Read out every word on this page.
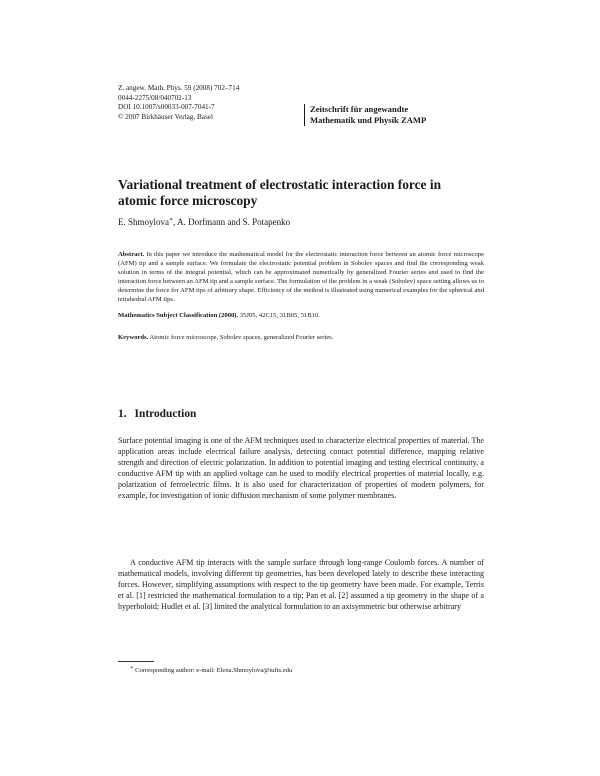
Z. angew. Math. Phys. 59 (2008) 702–714
0044-2275/08/040702-13
DOI 10.1007/s00033-007-7041-7
© 2007 Birkhäuser Verlag, Basel
Zeitschrift für angewandte
Mathematik und Physik ZAMP
Variational treatment of electrostatic interaction force in atomic force microscopy
E. Shmoylova∗, A. Dorfmann and S. Potapenko
Abstract. In this paper we introduce the mathematical model for the electrostatic interaction force between an atomic force microscope (AFM) tip and a sample surface. We formulate the electrostatic potential problem in Sobolev spaces and find the corresponding weak solution in terms of the integral potential, which can be approximated numerically by generalized Fourier series and used to find the interaction force between an AFM tip and a sample surface. The formulation of the problem in a weak (Sobolev) space setting allows us to determine the force for AFM tips of arbitrary shape. Efficiency of the method is illustrated using numerical examples for the spherical and tetrahedral AFM tips.
Mathematics Subject Classification (2000). 35J05, 42C15, 31B05, 31B10.
Keywords. Atomic force microscope, Sobolev spaces, generalized Fourier series.
1. Introduction
Surface potential imaging is one of the AFM techniques used to characterize electrical properties of material. The application areas include electrical failure analysis, detecting contact potential difference, mapping relative strength and direction of electric polarization. In addition to potential imaging and testing electrical continuity, a conductive AFM tip with an applied voltage can be used to modify electrical properties of material locally, e.g. polarization of ferroelectric films. It is also used for characterization of properties of modern polymers, for example, for investigation of ionic diffusion mechanism of some polymer membranes.
A conductive AFM tip interacts with the sample surface through long-range Coulomb forces. A number of mathematical models, involving different tip geometries, has been developed lately to describe these interacting forces. However, simplifying assumptions with respect to the tip geometry have been made. For example, Terris et al. [1] restricted the mathematical formulation to a tip; Pan et al. [2] assumed a tip geometry in the shape of a hyperboloid; Hudlet et al. [3] limited the analytical formulation to an axisymmetric but otherwise arbitrary
∗ Corresponding author: e-mail: Elena.Shmoylova@tufts.edu
